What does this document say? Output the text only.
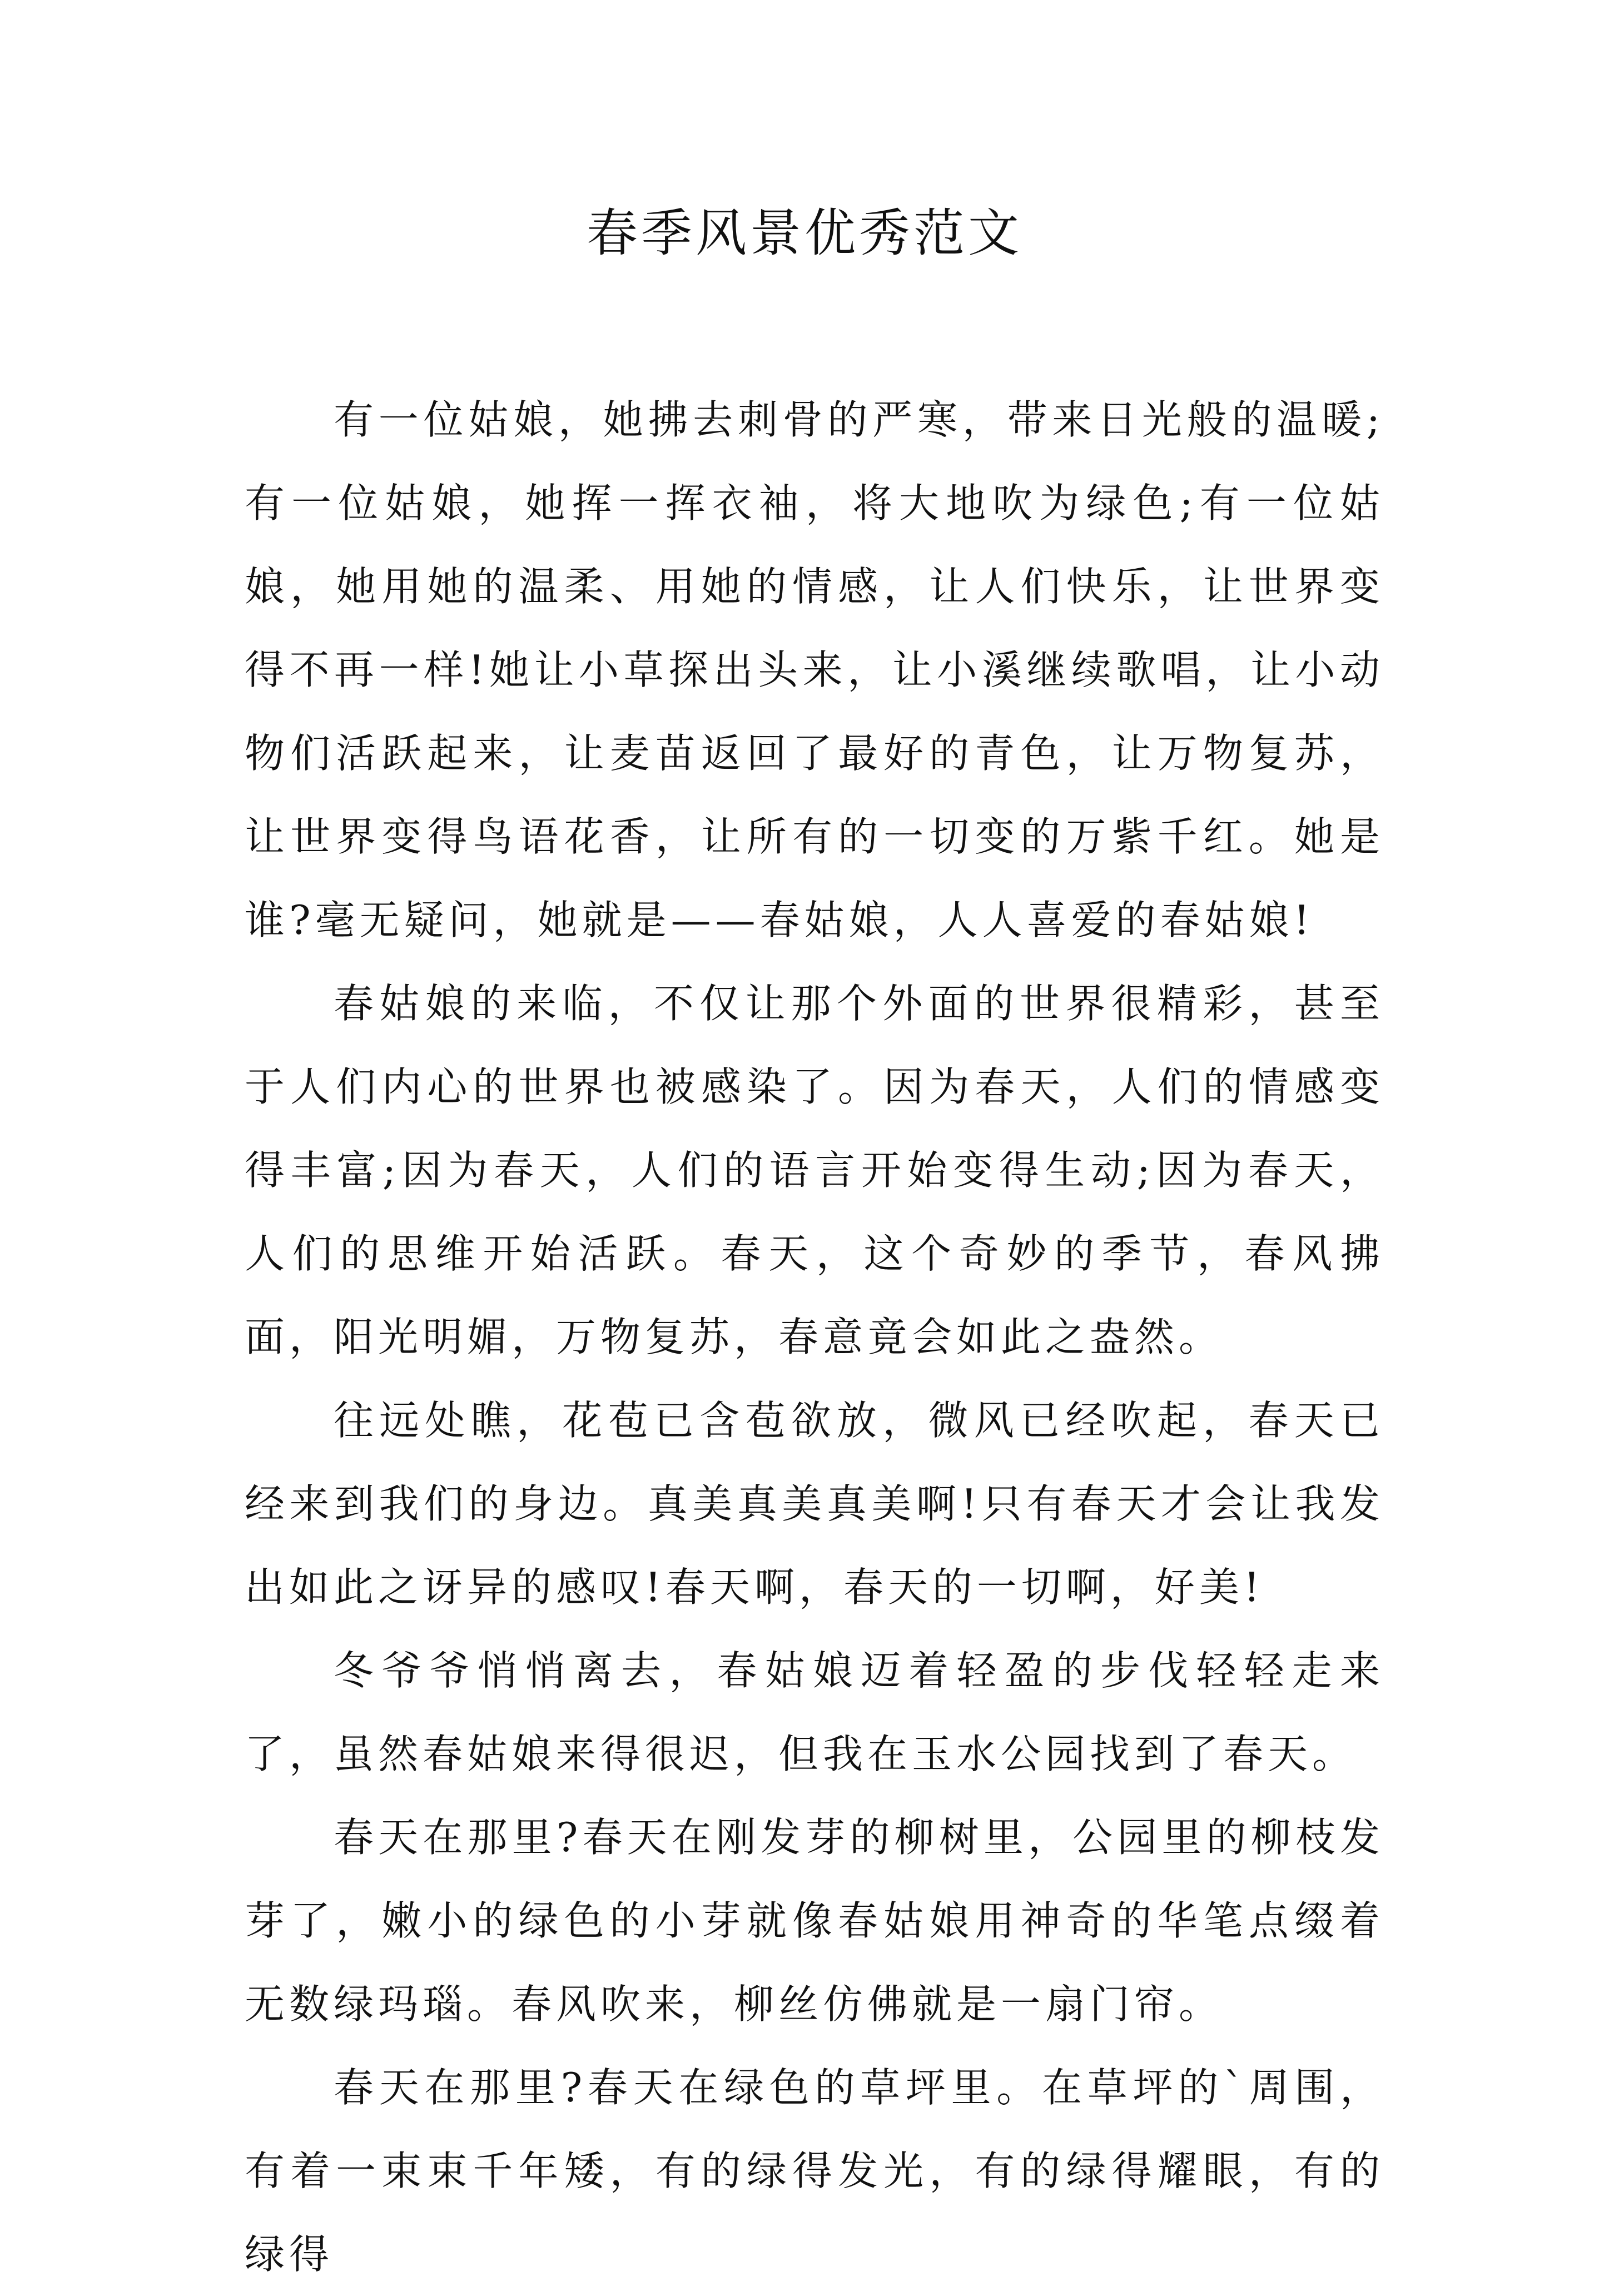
春季风景优秀范文

有一位姑娘，她拂去刺骨的严寒，带来日光般的温暖;有一位姑娘，她挥一挥衣袖，将大地吹为绿色;有一位姑娘，她用她的温柔、用她的情感，让人们快乐，让世界变得不再一样!她让小草探出头来，让小溪继续歌唱，让小动物们活跃起来，让麦苗返回了最好的青色，让万物复苏，让世界变得鸟语花香，让所有的一切变的万紫千红。她是谁?毫无疑问，她就是——春姑娘，人人喜爱的春姑娘!

春姑娘的来临，不仅让那个外面的世界很精彩，甚至于人们内心的世界也被感染了。因为春天，人们的情感变得丰富;因为春天，人们的语言开始变得生动;因为春天，人们的思维开始活跃。春天，这个奇妙的季节，春风拂面，阳光明媚，万物复苏，春意竟会如此之盎然。

往远处瞧，花苞已含苞欲放，微风已经吹起，春天已经来到我们的身边。真美真美真美啊!只有春天才会让我发出如此之讶异的感叹!春天啊，春天的一切啊，好美!

冬爷爷悄悄离去，春姑娘迈着轻盈的步伐轻轻走来了，虽然春姑娘来得很迟，但我在玉水公园找到了春天。

春天在那里?春天在刚发芽的柳树里，公园里的柳枝发芽了，嫩小的绿色的小芽就像春姑娘用神奇的华笔点缀着无数绿玛瑙。春风吹来，柳丝仿佛就是一扇门帘。

春天在那里?春天在绿色的草坪里。在草坪的`周围，有着一束束千年矮，有的绿得发光，有的绿得耀眼，有的绿得
